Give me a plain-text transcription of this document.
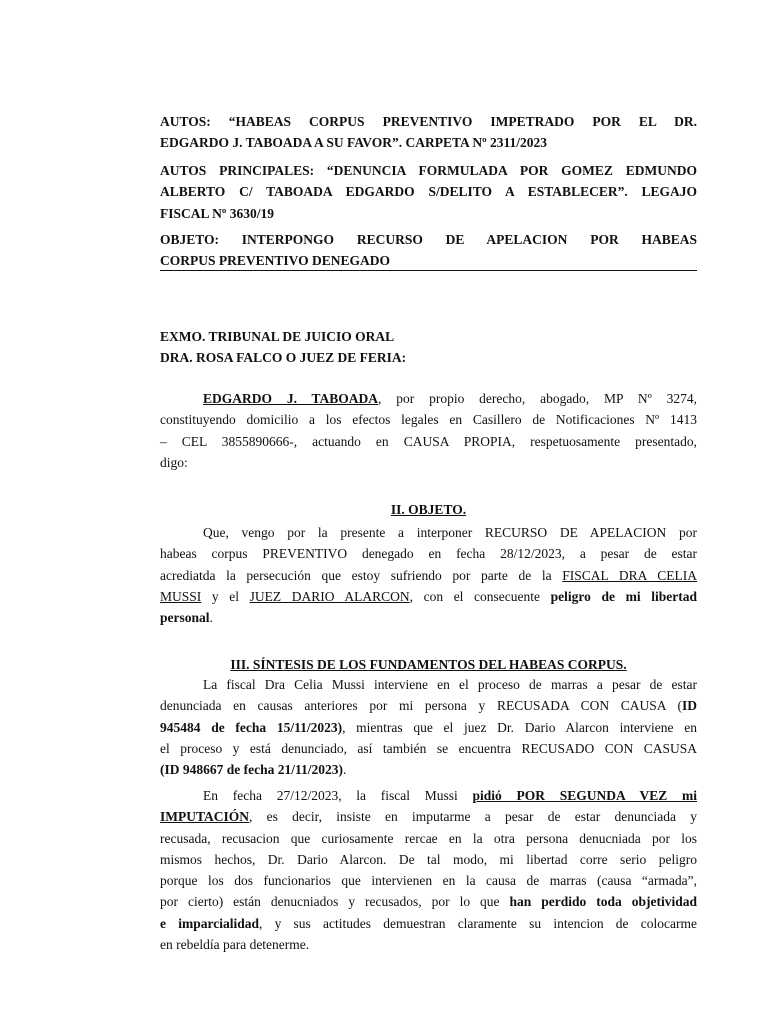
AUTOS: “HABEAS CORPUS PREVENTIVO IMPETRADO POR EL DR.
EDGARDO J. TABOADA A SU FAVOR”. CARPETA Nº 2311/2023
AUTOS PRINCIPALES: “DENUNCIA FORMULADA POR GOMEZ EDMUNDO
ALBERTO C/ TABOADA EDGARDO S/DELITO A ESTABLECER”. LEGAJO
FISCAL Nº 3630/19
OBJETO: INTERPONGO RECURSO DE APELACION POR HABEAS
CORPUS PREVENTIVO DENEGADO
EXMO. TRIBUNAL DE JUICIO ORAL
DRA. ROSA FALCO O JUEZ DE FERIA:
EDGARDO J. TABOADA, por propio derecho, abogado, MP Nº 3274,
constituyendo domicilio a los efectos legales en Casillero de Notificaciones Nº 1413
– CEL 3855890666-, actuando en CAUSA PROPIA, respetuosamente presentado,
digo:
II. OBJETO.
Que, vengo por la presente a interponer RECURSO DE APELACION por
habeas corpus PREVENTIVO denegado en fecha 28/12/2023, a pesar de estar
acrediatda la persecución que estoy sufriendo por parte de la FISCAL DRA CELIA
MUSSI y el JUEZ DARIO ALARCON, con el consecuente peligro de mi libertad
personal.
III. SÍNTESIS DE LOS FUNDAMENTOS DEL HABEAS CORPUS.
La fiscal Dra Celia Mussi interviene en el proceso de marras a pesar de estar
denunciada en causas anteriores por mi persona y RECUSADA CON CAUSA (ID
945484 de fecha 15/11/2023), mientras que el juez Dr. Dario Alarcon interviene en
el proceso y está denunciado, así también se encuentra RECUSADO CON CASUSA
(ID 948667 de fecha 21/11/2023).
En fecha 27/12/2023, la fiscal Mussi pidió POR SEGUNDA VEZ mi
IMPUTACIÓN, es decir, insiste en imputarme a pesar de estar denunciada y
recusada, recusacion que curiosamente rercae en la otra persona denucniada por los
mismos hechos, Dr. Dario Alarcon. De tal modo, mi libertad corre serio peligro
porque los dos funcionarios que intervienen en la causa de marras (causa “armada”,
por cierto) están denucniados y recusados, por lo que han perdido toda objetividad
e imparcialidad, y sus actitudes demuestran claramente su intencion de colocarme
en rebeldía para detenerme.
